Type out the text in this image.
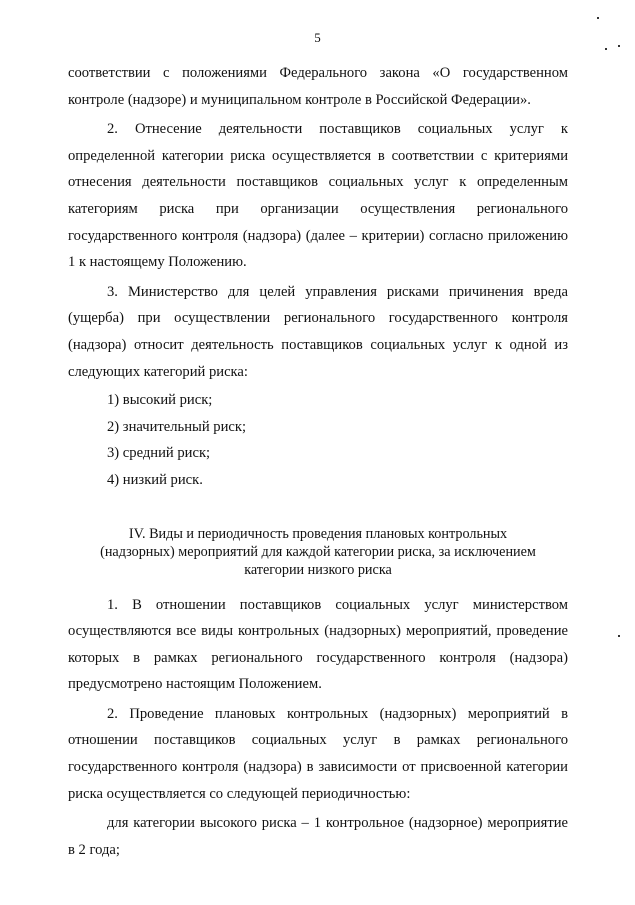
5

соответствии с положениями Федерального закона «О государственном контроле (надзоре) и муниципальном контроле в Российской Федерации».

2. Отнесение деятельности поставщиков социальных услуг к определенной категории риска осуществляется в соответствии с критериями отнесения деятельности поставщиков социальных услуг к определенным категориям риска при организации осуществления регионального государственного контроля (надзора) (далее – критерии) согласно приложению 1 к настоящему Положению.

3. Министерство для целей управления рисками причинения вреда (ущерба) при осуществлении регионального государственного контроля (надзора) относит деятельность поставщиков социальных услуг к одной из следующих категорий риска:

1) высокий риск;

2) значительный риск;

3) средний риск;

4) низкий риск.

IV. Виды и периодичность проведения плановых контрольных
(надзорных) мероприятий для каждой категории риска, за исключением
категории низкого риска

1. В отношении поставщиков социальных услуг министерством осуществляются все виды контрольных (надзорных) мероприятий, проведение которых в рамках регионального государственного контроля (надзора) предусмотрено настоящим Положением.

2. Проведение плановых контрольных (надзорных) мероприятий в отношении поставщиков социальных услуг в рамках регионального государственного контроля (надзора) в зависимости от присвоенной категории риска осуществляется со следующей периодичностью:

для категории высокого риска – 1 контрольное (надзорное) мероприятие в 2 года;
